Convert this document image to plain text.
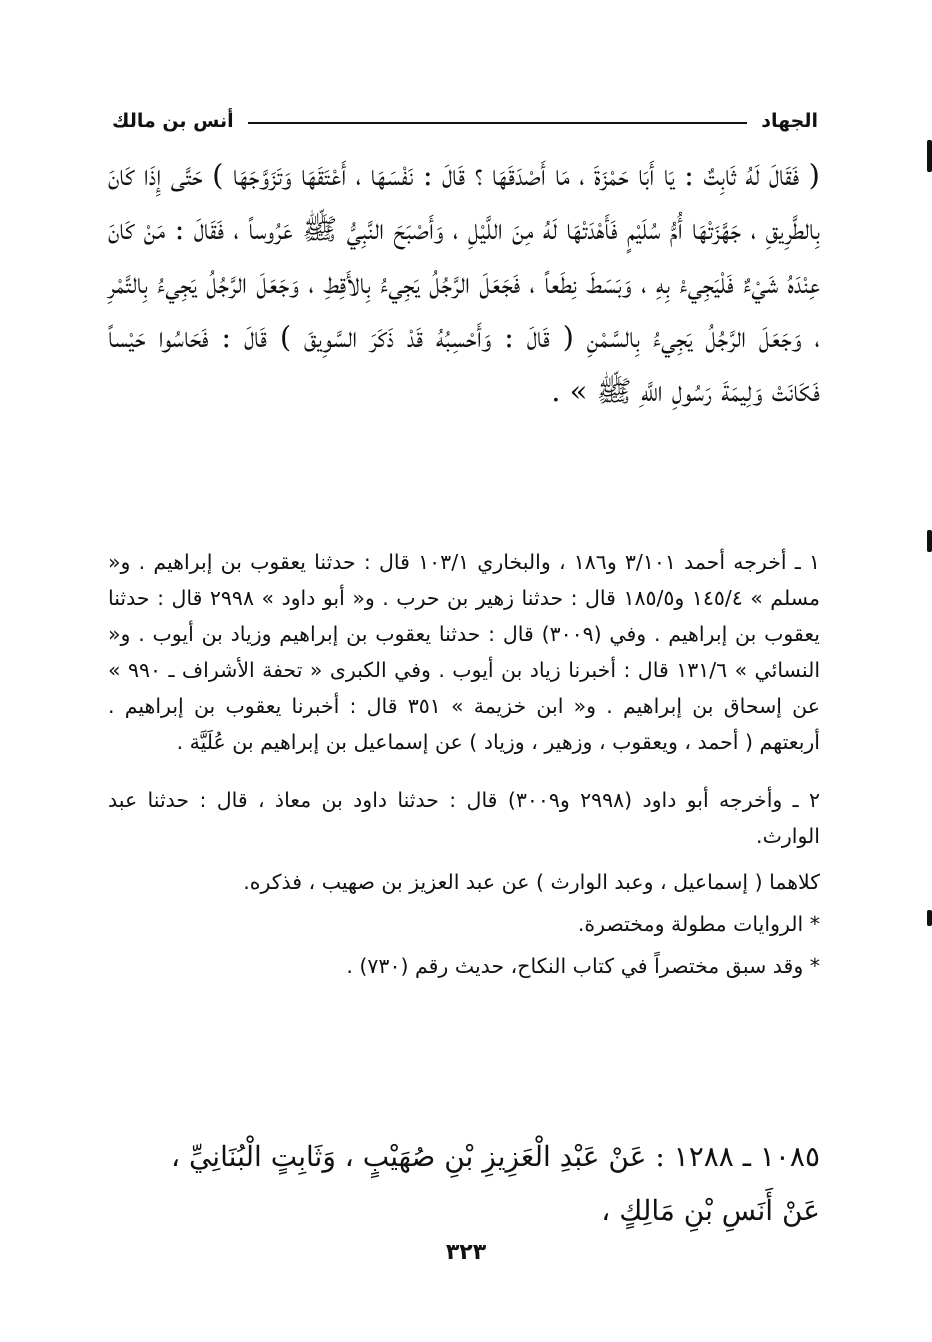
الجهاد
أنس بن مالك

( فَقَالَ لَهُ ثَابِتٌ : يَا أَبَا حَمْزَةَ ، مَا أَصْدَقَهَا ؟ قَالَ : نَفْسَهَا ، أَعْتَقَهَا وَتَزَوَّجَهَا ) حَتَّى إِذَا كَانَ بِالطَّرِيقِ ، جَهَّزَتْهَا أُمُّ سُلَيْمٍ فَأَهْدَتْهَا لَهُ مِنَ اللَّيْلِ ، وَأَصْبَحَ النَّبِيُّ ﷺ عَرُوساً ، فَقَالَ : مَنْ كَانَ عِنْدَهُ شَيْءٌ فَلْيَجِيءْ بِهِ ، وَبَسَطَ نِطَعاً ، فَجَعَلَ الرَّجُلُ يَجِيءُ بِالأَقِطِ ، وَجَعَلَ الرَّجُلُ يَجِيءُ بِالتَّمْرِ ، وَجَعَلَ الرَّجُلُ يَجِيءُ بِالسَّمْنِ ( قَالَ : وَأَحْسِبُهُ قَدْ ذَكَرَ السَّوِيقَ ) قَالَ : فَحَاسُوا حَيْساً فَكَانَتْ وَلِيمَةَ رَسُولِ اللَّهِ ﷺ » .

١ ـ أخرجه أحمد ٣/١٠١ و١٨٦ ، والبخاري ١٠٣/١ قال : حدثنا يعقوب بن إبراهيم . و« مسلم » ١٤٥/٤ و١٨٥/٥ قال : حدثنا زهير بن حرب . و« أبو داود » ٢٩٩٨ قال : حدثنا يعقوب بن إبراهيم . وفي (٣٠٠٩) قال : حدثنا يعقوب بن إبراهيم وزياد بن أيوب . و« النسائي » ١٣١/٦ قال : أخبرنا زياد بن أيوب . وفي الكبرى « تحفة الأشراف ـ ٩٩٠ » عن إسحاق بن إبراهيم . و« ابن خزيمة » ٣٥١ قال : أخبرنا يعقوب بن إبراهيم . أربعتهم ( أحمد ، ويعقوب ، وزهير ، وزياد ) عن إسماعيل بن إبراهيم بن عُلَيَّة .

٢ ـ وأخرجه أبو داود (٢٩٩٨ و٣٠٠٩) قال : حدثنا داود بن معاذ ، قال : حدثنا عبد الوارث.

كلاهما ( إسماعيل ، وعبد الوارث ) عن عبد العزيز بن صهيب ، فذكره.

* الروايات مطولة ومختصرة.

* وقد سبق مختصراً في كتاب النكاح، حديث رقم (٧٣٠) .

١٠٨٥ ـ ١٢٨٨ : عَنْ عَبْدِ الْعَزِيزِ بْنِ صُهَيْبٍ ، وَثَابِتٍ الْبُنَانِيِّ ،

عَنْ أَنَسِ بْنِ مَالِكٍ ،

٣٢٣
